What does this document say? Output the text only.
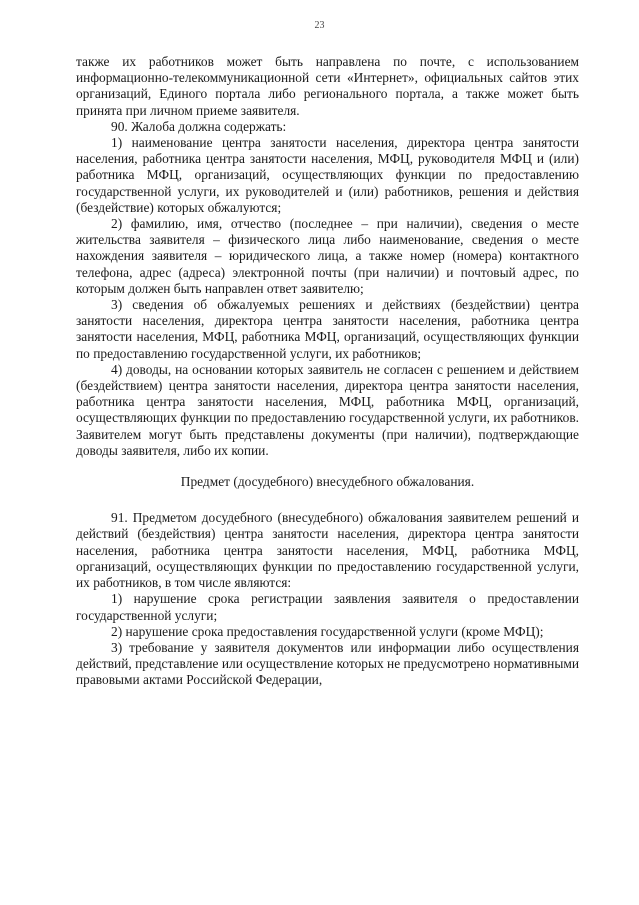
23

также их работников может быть направлена по почте, с использованием информационно-телекоммуникационной сети «Интернет», официальных сайтов этих организаций, Единого портала либо регионального портала, а также может быть принята при личном приеме заявителя.

90. Жалоба должна содержать:

1) наименование центра занятости населения, директора центра занятости населения, работника центра занятости населения, МФЦ, руководителя МФЦ и (или) работника МФЦ, организаций, осуществляющих функции по предоставлению государственной услуги, их руководителей и (или) работников, решения и действия (бездействие) которых обжалуются;

2) фамилию, имя, отчество (последнее – при наличии), сведения о месте жительства заявителя – физического лица либо наименование, сведения о месте нахождения заявителя – юридического лица, а также номер (номера) контактного телефона, адрес (адреса) электронной почты (при наличии) и почтовый адрес, по которым должен быть направлен ответ заявителю;

3) сведения об обжалуемых решениях и действиях (бездействии) центра занятости населения, директора центра занятости населения, работника центра занятости населения, МФЦ, работника МФЦ, организаций, осуществляющих функции по предоставлению государственной услуги, их работников;

4) доводы, на основании которых заявитель не согласен с решением и действием (бездействием) центра занятости населения, директора центра занятости населения, работника центра занятости населения, МФЦ, работника МФЦ, организаций, осуществляющих функции по предоставлению государственной услуги, их работников. Заявителем могут быть представлены документы (при наличии), подтверждающие доводы заявителя, либо их копии.

Предмет (досудебного) внесудебного обжалования.

91. Предметом досудебного (внесудебного) обжалования заявителем решений и действий (бездействия) центра занятости населения, директора центра занятости населения, работника центра занятости населения, МФЦ, работника МФЦ, организаций, осуществляющих функции по предоставлению государственной услуги, их работников, в том числе являются:

1) нарушение срока регистрации заявления заявителя о предоставлении государственной услуги;

2) нарушение срока предоставления государственной услуги (кроме МФЦ);

3) требование у заявителя документов или информации либо осуществления действий, представление или осуществление которых не предусмотрено нормативными правовыми актами Российской Федерации,
